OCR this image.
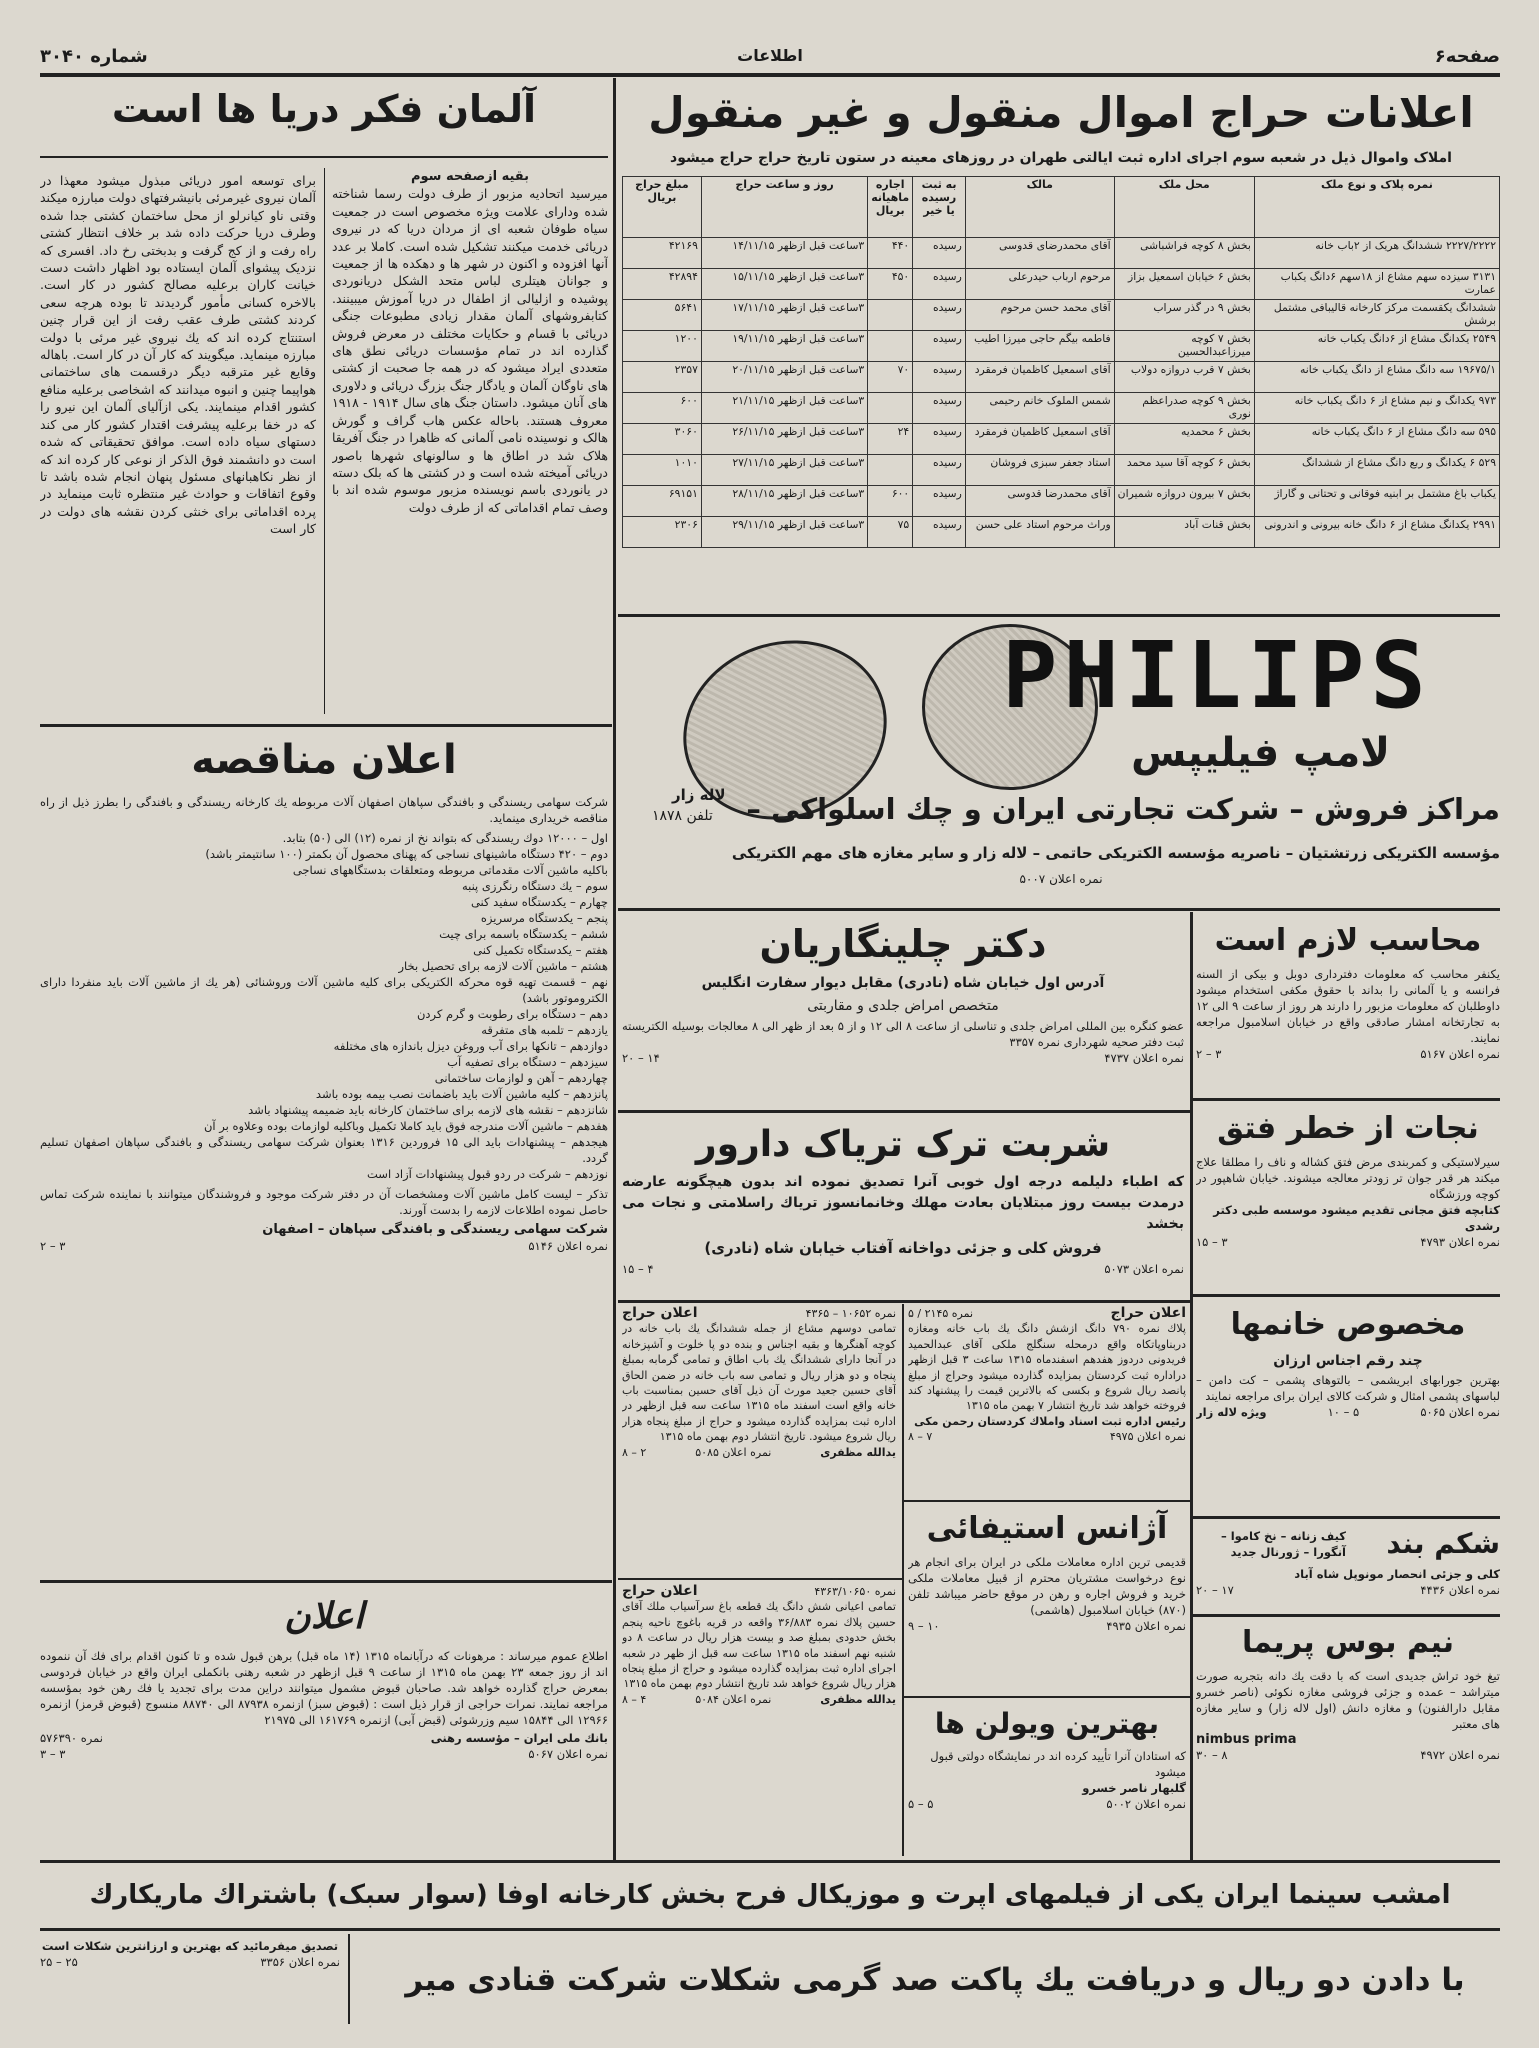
صفحه۶
اطلاعات
شماره ۳۰۴۰
اعلانات حراج اموال منقول و غیر منقول
املاک واموال ذیل در شعبه سوم اجرای اداره ثبت ایالتی طهران در روزهای معینه در ستون تاریخ حراج حراج میشود
نمره پلاک و نوع ملک	محل ملک	مالک	به ثبت رسیده یا خیر	اجاره ماهیانه بریال	روز و ساعت حراج	مبلغ حراج بریال
۲۲۲۷/۲۲۲۲ ششدانگ هریک از ۲باب خانه	بخش ۸ کوچه فراشباشی	آقای محمدرضای قدوسی	رسیده	۴۴۰	۳ساعت قبل ازظهر ۱۴/۱۱/۱۵	۴۲۱۶۹
۳۱۳۱ سیزده سهم مشاع از ۱۸سهم ۶دانگ یکباب عمارت	بخش ۶ خیابان اسمعیل بزاز	مرحوم ارباب حیدرعلی	رسیده	۴۵۰	۳ساعت قبل ازظهر ۱۵/۱۱/۱۵	۴۲۸۹۴
ششدانگ یکقسمت مرکز کارخانه قالیبافی مشتمل برشش	بخش ۹ در گذر سراب	آقای محمد حسن مرحوم	رسیده		۳ساعت قبل ازظهر ۱۷/۱۱/۱۵	۵۶۴۱
۲۵۴۹ یکدانگ مشاع از ۶دانگ یکباب خانه	بخش ۷ کوچه میرزاعبدالحسین	فاطمه بیگم حاجی میرزا اطیب	رسیده		۳ساعت قبل ازظهر ۱۹/۱۱/۱۵	۱۲۰۰
۱۹۶۷۵/۱ سه دانگ مشاع از دانگ یکباب خانه	بخش ۷ قرب دروازه دولاب	آقای اسمعیل کاظمیان فرمقرد	رسیده	۷۰	۳ساعت قبل ازظهر ۲۰/۱۱/۱۵	۲۳۵۷
۹۷۳ یکدانگ و نیم مشاع از ۶ دانگ یکباب خانه	بخش ۹ کوچه صدراعظم نوری	شمس الملوک خانم رحیمی	رسیده		۳ساعت قبل ازظهر ۲۱/۱۱/۱۵	۶۰۰
۵۹۵ سه دانگ مشاع از ۶ دانگ یکباب خانه	بخش ۶ محمدیه	آقای اسمعیل کاظمیان فرمقرد	رسیده	۲۴	۳ساعت قبل ازظهر ۲۶/۱۱/۱۵	۳۰۶۰
۵۲۹ ۶ یکدانگ و ربع دانگ مشاع از ششدانگ	بخش ۶ کوچه آقا سید محمد	استاد جعفر سبزی فروشان	رسیده		۳ساعت قبل ازظهر ۲۷/۱۱/۱۵	۱۰۱۰
یکباب باغ مشتمل بر ابنیه فوقانی و تحتانی و گاراژ	بخش ۷ بیرون دروازه شمیران	آقای محمدرضا قدوسی	رسیده	۶۰۰	۳ساعت قبل ازظهر ۲۸/۱۱/۱۵	۶۹۱۵۱
۲۹۹۱ یکدانگ مشاع از ۶ دانگ خانه بیرونی و اندرونی	بخش قنات آباد	وراث مرحوم استاد علی حسن	رسیده	۷۵	۳ساعت قبل ازظهر ۲۹/۱۱/۱۵	۲۳۰۶
آلمان فکر دریا ها است
بقیه ازصفحه سوم
میرسید اتحادیه مزبور از طرف دولت رسما شناخته شده ودارای علامت ویژه مخصوص است در جمعیت سیاه طوفان شعبه ای از مردان دریا که در نیروی دریائی خدمت میکنند تشکیل شده است. کاملا بر عدد آنها افزوده و اکنون در شهر ها و دهکده ها از جمعیت و جوانان هیتلری لباس متحد الشکل دریانوردی پوشیده و ازلیالی از اطفال در دریا آموزش میبینند. کتابفروشهای آلمان مقدار زیادی مطبوعات جنگی دریائی با قسام و حکایات مختلف در معرض فروش گذارده اند در تمام مؤسسات دریائی نطق های متعددی ایراد میشود که در همه جا صحبت از کشتی های ناوگان آلمان و یادگار جنگ بزرگ دریائی و دلاوری های آنان میشود. داستان جنگ های سال ۱۹۱۴ - ۱۹۱۸ معروف هستند. باحاله عکس هاب گراف و گورش هالک و نوسینده نامی آلمانی که ظاهرا در جنگ آفریقا هلاک شد در اطاق ها و سالونهای شهرها باصور دریائی آمیخته شده است و در کشتی ها که بلک دسته در یانوردی باسم نویسنده مزبور موسوم شده اند با وصف تمام اقداماتی که از طرف دولت
برای توسعه امور دریائی مبذول میشود معهذا در آلمان نیروی غیرمرئی بانیشرفتهای دولت مبارزه میکند وقتی ناو کیانرلو از محل ساختمان کشتی جدا شده وطرف دریا حرکت داده شد بر خلاف انتظار کشتی راه رفت و از کج گرفت و بدبختی رخ داد. افسری که نزدیک پیشوای آلمان ایستاده بود اظهار داشت دست خیانت کاران برعلیه مصالح کشور در کار است. بالاخره کسانی مأمور گردیدند تا بوده هرچه سعی کردند کشتی طرف عقب رفت از این قرار چنین استنتاج کرده اند که یك نیروی غیر مرئی با دولت مبارزه مینماید. میگویند که کار آن در کار است. باهاله وقایع غیر مترقبه دیگر درقسمت های ساختمانی هواپیما چنین و انبوه میدانند که اشخاصی برعلیه منافع کشور اقدام مینمایند. یکی ازآلیای آلمان این نیرو را که در خفا برعلیه پیشرفت اقتدار کشور کار می کند دستهای سیاه داده است. موافق تحقیقاتی که شده است دو دانشمند فوق الذکر از نوعی کار کرده اند که از نظر نکاهبانهای مسئول پنهان انجام شده باشد تا وقوع اتفاقات و حوادث غیر منتظره ثابت مینماید در پرده اقداماتی برای خنثی کردن نقشه های دولت در کار است
اعلان مناقصه
شرکت سهامی ریسندگی و بافندگی سپاهان اصفهان آلات مربوطه یك کارخانه ریسندگی و بافندگی را بطرز ذیل از راه مناقصه خریداری مینماید.
اول – ۱۲۰۰۰ دوك ریسندگی که بتواند نخ از نمره (۱۲) الی (۵۰) بتابد.
دوم – ۴۲۰ دستگاه ماشینهای نساجی که پهنای محصول آن بکمتر (۱۰۰ سانتیمتر باشد)
باکلیه ماشین آلات مقدماتی مربوطه ومتعلقات بدستگاههای نساجی
سوم – یك دستگاه رنگرزی پنبه
چهارم – یکدستگاه سفید کنی
پنجم – یکدستگاه مرسریزه
ششم – یکدستگاه باسمه برای چیت
هفتم – یکدستگاه تکمیل کنی
هشتم – ماشین آلات لازمه برای تحصیل بخار
نهم – قسمت تهیه قوه محرکه الکتریکی برای کلیه ماشین آلات وروشنائی (هر یك از ماشین آلات باید منفردا دارای الکتروموتور باشد)
دهم – دستگاه برای رطوبت و گرم کردن
یازدهم – تلمبه های متفرقه
دوازدهم – تانکها برای آب وروغن دیزل باندازه های مختلفه
سیزدهم – دستگاه برای تصفیه آب
چهاردهم – آهن و لوازمات ساختمانی
پانزدهم – کلیه ماشین آلات باید باضمانت نصب بیمه بوده باشد
شانزدهم – نقشه های لازمه برای ساختمان کارخانه باید ضمیمه پیشنهاد باشد
هفدهم – ماشین آلات مندرجه فوق باید کاملا تکمیل وباکلیه لوازمات بوده وعلاوه بر آن
هیجدهم – پیشنهادات باید الی ۱۵ فروردین ۱۳۱۶ بعنوان شرکت سهامی ریسندگی و بافندگی سپاهان اصفهان تسلیم گردد.
نوزدهم – شرکت در ردو قبول پیشنهادات آزاد است
تذکر – لیست کامل ماشین آلات ومشخصات آن در دفتر شرکت موجود و فروشندگان میتوانند با نماینده شرکت تماس حاصل نموده اطلاعات لازمه را بدست آورند.
شرکت سهامی ریسندگی و بافندگی سپاهان – اصفهان
نمره اعلان ۵۱۴۶
۳ – ۲
اعلان
اطلاع عموم میرساند : مرهونات که درآبانماه ۱۳۱۵ (۱۴ ماه قبل) برهن قبول شده و تا کنون اقدام برای فك آن ننموده اند از روز جمعه ۲۳ بهمن ماه ۱۳۱۵ از ساعت ۹ قبل ازظهر در شعبه رهنی بانکملی ایران واقع در خیابان فردوسی بمعرض حراج گذارده خواهد شد. صاحبان قبوض مشمول میتوانند دراین مدت برای تجدید یا فك رهن خود بمؤسسه مراجعه نمایند. نمرات حراجی از قرار ذیل است : (قبوض سبز) ازنمره ۸۷۹۳۸ الی ۸۸۷۴۰ منسوج (قبوض قرمز) ازنمره ۱۲۹۶۶ الی ۱۵۸۴۴ سیم وزرشوئی (قبض آبی) ازنمره ۱۶۱۷۶۹ الی ۲۱۹۷۵
بانك ملی ایران – مؤسسه رهنی
نمره ۵۷۶۳۹۰
نمره اعلان ۵۰۶۷
۳ – ۳
PHILIPS
لامپ فیلیپس
مراکز فروش – شرکت تجارتی ایران و چك اسلواکی –
لاله زار
تلفن ۱۸۷۸
مؤسسه الکتریکی زرتشتیان – ناصریه مؤسسه الکتریکی حاتمی – لاله زار و سایر مغازه های مهم الکتریکی
نمره اعلان ۵۰۰۷
دکتر چلینگاریان
آدرس اول خیابان شاه (نادری) مقابل دیوار سفارت انگلیس
متخصص امراض جلدی و مقاربتی
عضو کنگره بین المللی امراض جلدی و تناسلی از ساعت ۸ الی ۱۲ و از ۵ بعد از ظهر الی ۸ معالجات بوسیله الکتریسته ثبت دفتر صحیه شهرداری نمره ۳۳۵۷
نمره اعلان ۴۷۳۷
۱۴ – ۲۰
شربت ترک تریاک دارور
که اطباء دلیلمه درجه اول خوبی آنرا تصدیق نموده اند بدون هیچگونه عارضه درمدت بیست روز مبتلایان بعادت مهلك وخانمانسوز تریاك راسلامتی و نجات می بخشد
فروش کلی و جزئی دواخانه آفتاب خیابان شاه (نادری)
نمره اعلان ۵۰۷۳
۴ – ۱۵
اعلان حراج
نمره ۲۱۴۵ / ۵
پلاك نمره ۷۹۰ دانگ ازشش دانگ یك باب خانه ومغازه دربناوپاتکاه واقع درمحله سنگلج ملکی آقای عبدالحمید فریدونی دردوز هفدهم اسفندماه ۱۳۱۵ ساعت ۳ قبل ازظهر دراداره ثبت کردستان بمزایده گذارده میشود وحراج از مبلغ پانصد ریال شروع و بکسی که بالاترین قیمت را پیشنهاد کند فروخته خواهد شد تاریخ انتشار ۷ بهمن ماه ۱۳۱۵
رئیس اداره ثبت اسناد واملاك کردستان رحمن مکی
نمره اعلان ۴۹۷۵
۷ – ۸
نمره ۱۰۶۵۲ – ۴۳۶۵
اعلان حراج
تمامی دوسهم مشاع از جمله ششدانگ یك باب خانه در کوچه آهنگرها و بقیه اجناس و بنده دو پا خلوت و آشپزخانه در آنجا دارای ششدانگ یك باب اطاق و تمامی گرمابه بمبلغ پنجاه و دو هزار ریال و تمامی سه باب خانه در ضمن الحاق آقای حسین جعید مورث آن ذیل آقای حسین بمناسبت باب خانه واقع است اسفند ماه ۱۳۱۵ ساعت سه قبل ازظهر در اداره ثبت بمزایده گذارده میشود و حراج از مبلغ پنجاه هزار ریال شروع میشود. تاریخ انتشار دوم بهمن ماه ۱۳۱۵
یدالله مظفری
نمره اعلان ۵۰۸۵
۲ – ۸
نمره ۴۳۶۳/۱۰۶۵۰
اعلان حراج
تمامی اعیانی شش دانگ یك قطعه باغ سرآسیاب ملك آقای حسین پلاك نمره ۳۶/۸۸۳ واقعه در قریه باغوچ ناحیه پنجم بخش حدودی بمبلغ صد و بیست هزار ریال در ساعت ۸ دو شنبه نهم اسفند ماه ۱۳۱۵ ساعت سه قبل از ظهر در شعبه اجرای اداره ثبت بمزایده گذارده میشود و حراج از مبلغ پنجاه هزار ریال شروع خواهد شد تاریخ انتشار دوم بهمن ماه ۱۳۱۵
یدالله مظفری
نمره اعلان ۵۰۸۴
۴ – ۸
آژانس استیفائی
قدیمی ترین اداره معاملات ملکی در ایران برای انجام هر نوع درخواست مشتریان محترم از قبیل معاملات ملکی خرید و فروش اجاره و رهن در موقع حاضر میباشد تلفن (۸۷۰) خیابان اسلامبول (هاشمی)
نمره اعلان ۴۹۳۵
۱۰ – ۹
بهترین ویولن ها
که استادان آنرا تأیید کرده اند در نمایشگاه دولتی قبول میشود
گلبهار ناصر خسرو
نمره اعلان ۵۰۰۲
۵ – ۵
محاسب لازم است
یکنفر محاسب که معلومات دفترداری دوبل و بیکی از السنه فرانسه و یا آلمانی را بداند با حقوق مکفی استخدام میشود داوطلبان که معلومات مزبور را دارند هر روز از ساعت ۹ الی ۱۲ به تجارتخانه امشار صادقی واقع در خیابان اسلامبول مراجعه نمایند.
نمره اعلان ۵۱۶۷
۳ – ۲
نجات از خطر فتق
سیرلاستیکی و کمربندی مرض فتق کشاله و ناف را مطلقا علاج میکند هر قدر جوان تر زودتر معالجه میشوند. خیابان شاهپور در کوچه ورزشگاه
کتابچه فتق مجانی تقدیم میشود موسسه طبی دکتر رشدی
نمره اعلان ۴۷۹۳
۳ – ۱۵
مخصوص خانمها
چند رقم اجناس ارزان
بهترین جورابهای ابریشمی – بالتوهای پشمی – کت دامن – لباسهای پشمی امثال و شرکت کالای ایران برای مراجعه نمایند
نمره اعلان ۵۰۶۵
۵ – ۱۰
ویژه لاله زار
شکم بند
کیف زنانه – نخ کاموا – آنگورا – ژورنال جدید
کلی و جزئی انحصار مونوپل شاه آباد
نمره اعلان ۴۴۳۶
۱۷ – ۲۰
نیم بوس پریما
تیغ خود تراش جدیدی است که با دقت یك دانه بتجربه صورت میتراشد – عمده و جزئی فروشی مغازه نکوئی (ناصر خسرو مقابل دارالفنون) و مغازه دانش (اول لاله زار) و سایر مغازه های معتبر
nimbus prima
نمره اعلان ۴۹۷۲
۸ – ۳۰
امشب سینما ایران یکی از فیلمهای اپرت و موزیکال فرح بخش کارخانه اوفا (سوار سبک) باشتراك ماریکارك
با دادن دو ریال و دریافت یك پاکت صد گرمی شکلات شرکت قنادی میر
تصدیق میفرمائید که بهترین و ارزانترین شکلات است
نمره اعلان ۳۳۵۶
۲۵ – ۲۵
